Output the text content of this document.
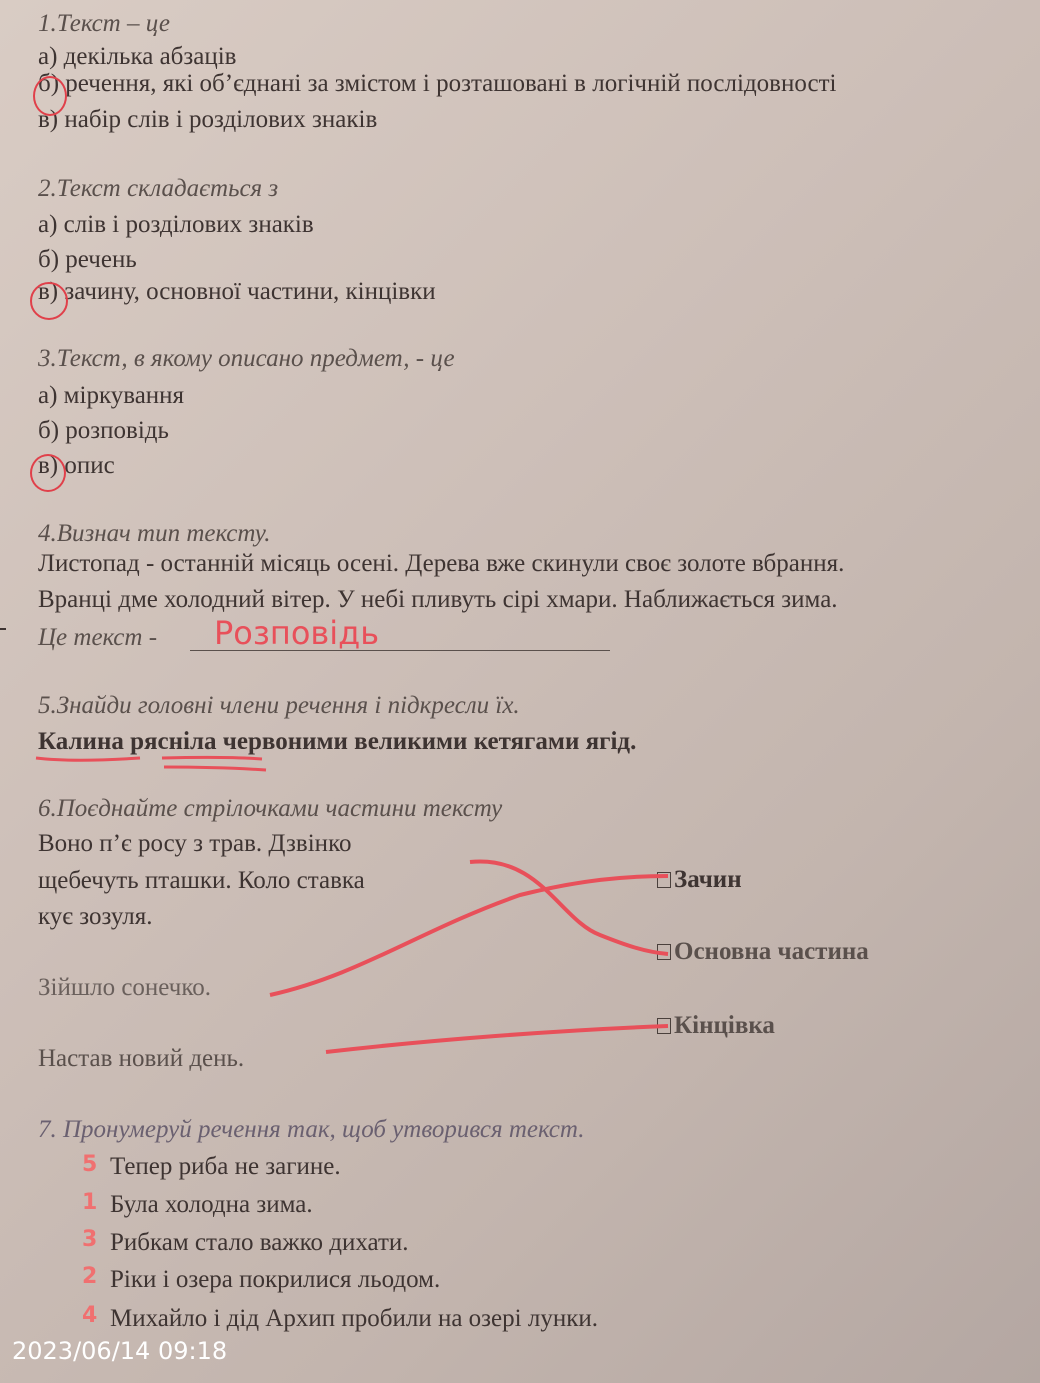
1.Текст – це
а) декілька абзаців
б) речення, які об’єднані за змістом і розташовані в логічній послідовності
в) набір слів і розділових знаків
2.Текст складається з
а) слів і розділових знаків
б) речень
в) зачину, основної частини, кінцівки
3.Текст, в якому описано предмет, - це
а) міркування
б) розповідь
в) опис
4.Визнач тип тексту.
Листопад - останній місяць осені. Дерева вже скинули своє золоте вбрання.
Вранці дме холодний вітер. У небі пливуть сірі хмари. Наближається зима.
Це текст - Розповідь
5.Знайди головні члени речення і підкресли їх.
Калина рясніла червоними великими кетягами ягід.
6.Поєднайте стрілочками частини тексту
Воно п’є росу з трав. Дзвінко
щебечуть пташки. Коло ставка
кує зозуля.
Зійшло сонечко.
Настав новий день.
Зачин
Основна частина
Кінцівка
7. Пронумеруй речення так, щоб утворився текст.
5 Тепер риба не загине.
1 Була холодна зима.
3 Рибкам стало важко дихати.
2 Ріки і озера покрилися льодом.
4 Михайло і дід Архип пробили на озері лунки.
2023/06/14 09:18
